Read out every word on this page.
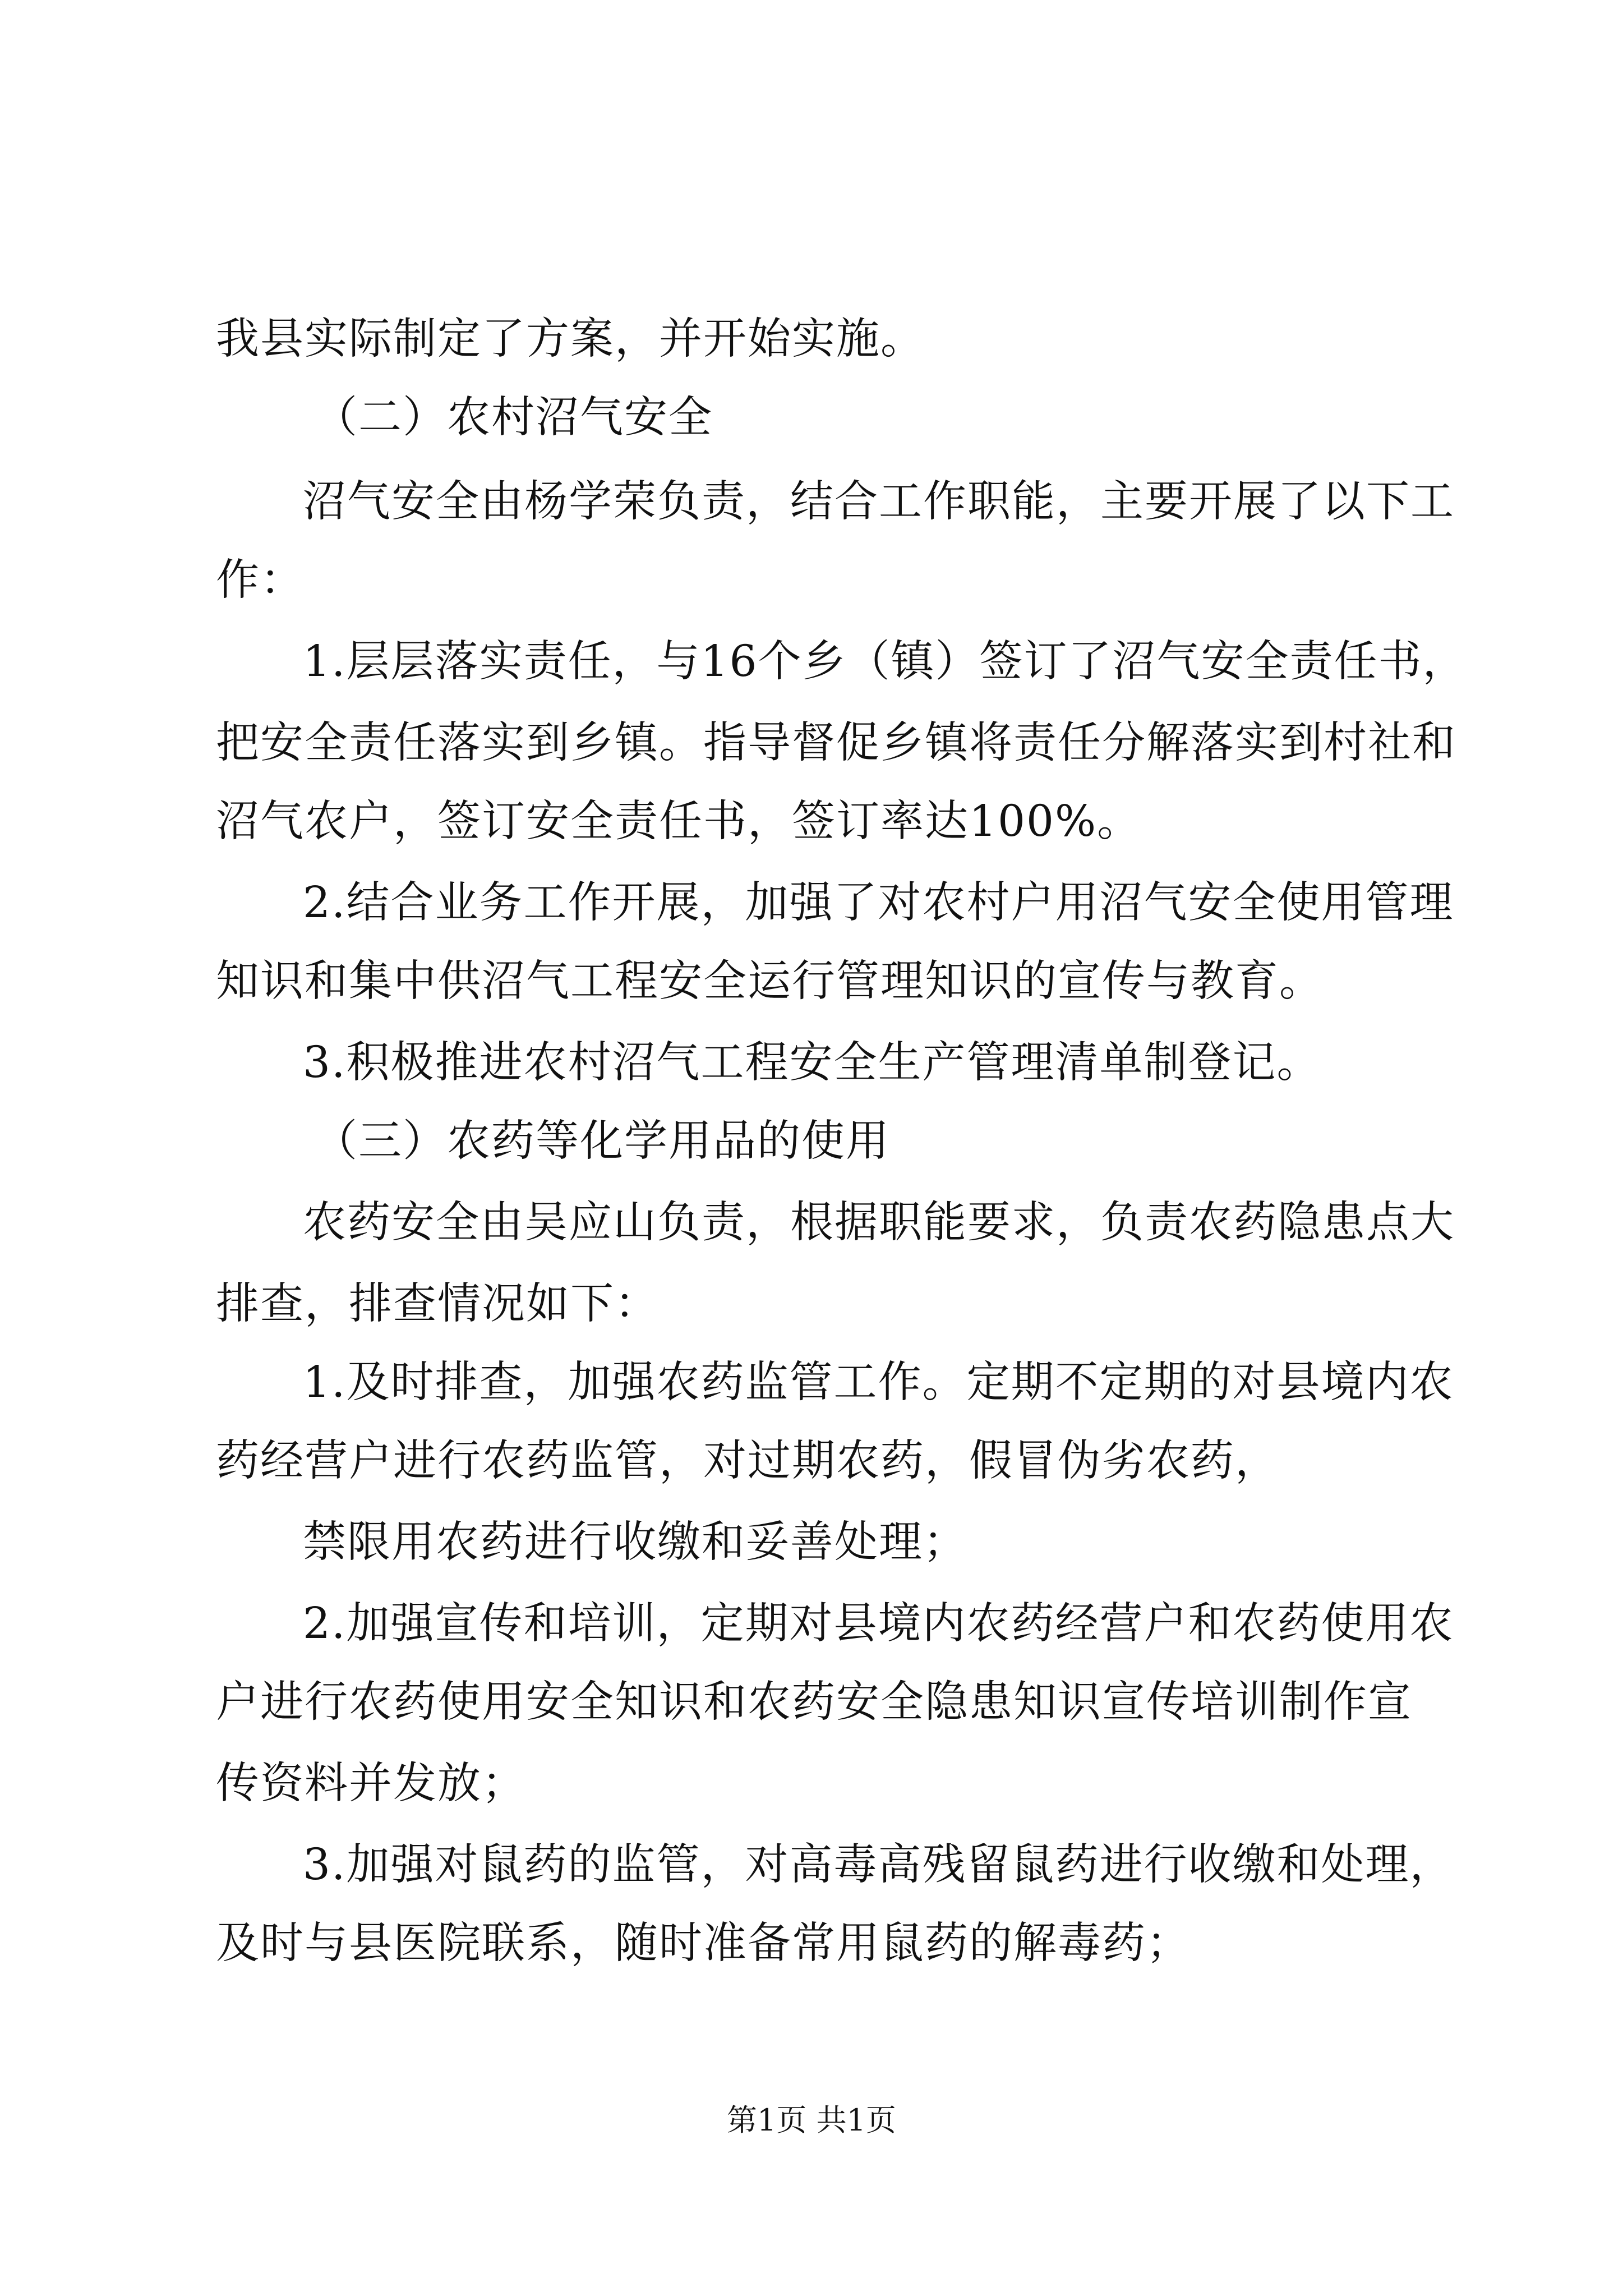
我县实际制定了方案，并开始实施。
（二）农村沼气安全
沼气安全由杨学荣负责，结合工作职能，主要开展了以下工
作：
1.层层落实责任，与16个乡（镇）签订了沼气安全责任书，
把安全责任落实到乡镇。指导督促乡镇将责任分解落实到村社和
沼气农户，签订安全责任书，签订率达100%。
2.结合业务工作开展，加强了对农村户用沼气安全使用管理
知识和集中供沼气工程安全运行管理知识的宣传与教育。
3.积极推进农村沼气工程安全生产管理清单制登记。
（三）农药等化学用品的使用
农药安全由吴应山负责，根据职能要求，负责农药隐患点大
排查，排查情况如下：
1.及时排查，加强农药监管工作。定期不定期的对县境内农
药经营户进行农药监管，对过期农药，假冒伪劣农药，
禁限用农药进行收缴和妥善处理；
2.加强宣传和培训，定期对县境内农药经营户和农药使用农
户进行农药使用安全知识和农药安全隐患知识宣传培训制作宣
传资料并发放；
3.加强对鼠药的监管，对高毒高残留鼠药进行收缴和处理，
及时与县医院联系，随时准备常用鼠药的解毒药；
第1页 共1页
